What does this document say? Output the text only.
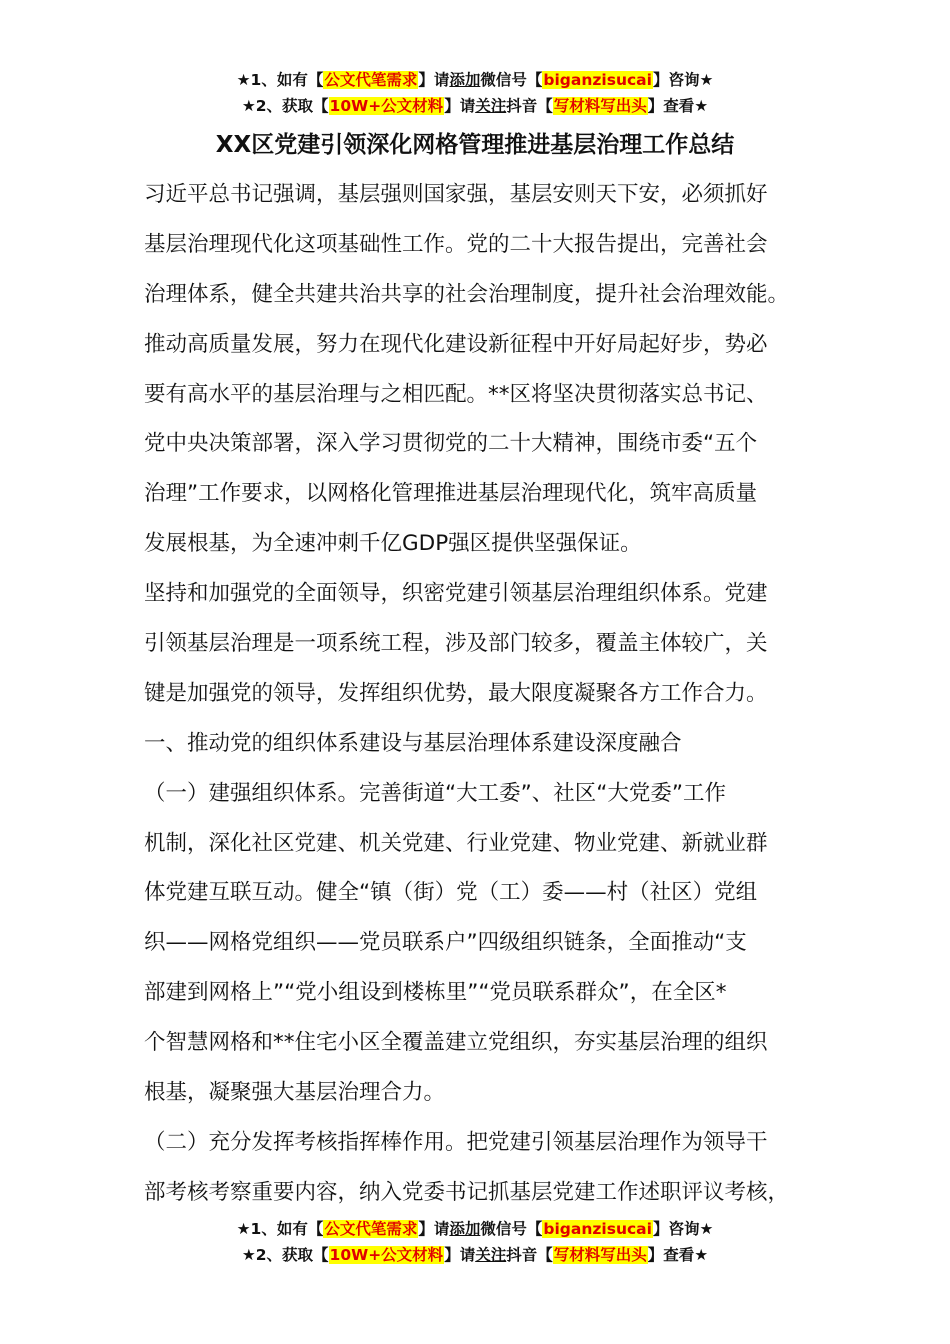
★1、如有【公文代笔需求】请添加微信号【biganzisucai】咨询★
★2、获取【10W+公文材料】请关注抖音【写材料写出头】查看★
XX区党建引领深化网格管理推进基层治理工作总结
习近平总书记强调，基层强则国家强，基层安则天下安，必须抓好
基层治理现代化这项基础性工作。党的二十大报告提出，完善社会
治理体系，健全共建共治共享的社会治理制度，提升社会治理效能。
推动高质量发展，努力在现代化建设新征程中开好局起好步，势必
要有高水平的基层治理与之相匹配。**区将坚决贯彻落实总书记、
党中央决策部署，深入学习贯彻党的二十大精神，围绕市委“五个
治理”工作要求，以网格化管理推进基层治理现代化，筑牢高质量
发展根基，为全速冲刺千亿GDP强区提供坚强保证。
坚持和加强党的全面领导，织密党建引领基层治理组织体系。党建
引领基层治理是一项系统工程，涉及部门较多，覆盖主体较广，关
键是加强党的领导，发挥组织优势，最大限度凝聚各方工作合力。
一、推动党的组织体系建设与基层治理体系建设深度融合
（一）建强组织体系。完善街道“大工委”、社区“大党委”工作
机制，深化社区党建、机关党建、行业党建、物业党建、新就业群
体党建互联互动。健全“镇（街）党（工）委——村（社区）党组
织——网格党组织——党员联系户”四级组织链条，全面推动“支
部建到网格上”“党小组设到楼栋里”“党员联系群众”，在全区*
个智慧网格和**住宅小区全覆盖建立党组织，夯实基层治理的组织
根基，凝聚强大基层治理合力。
（二）充分发挥考核指挥棒作用。把党建引领基层治理作为领导干
部考核考察重要内容，纳入党委书记抓基层党建工作述职评议考核，
★1、如有【公文代笔需求】请添加微信号【biganzisucai】咨询★
★2、获取【10W+公文材料】请关注抖音【写材料写出头】查看★
